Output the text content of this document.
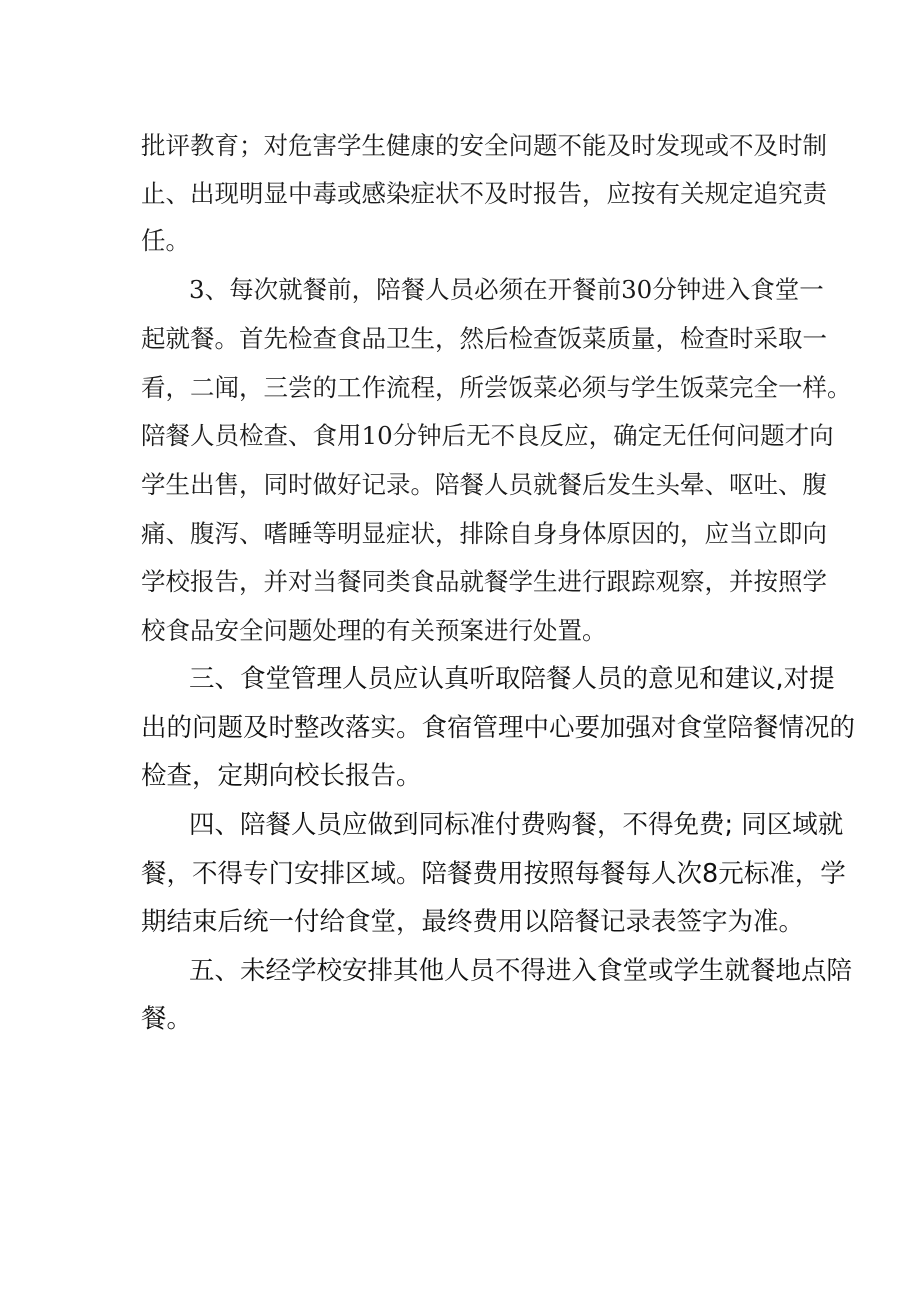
批评教育；对危害学生健康的安全问题不能及时发现或不及时制
止、出现明显中毒或感染症状不及时报告，应按有关规定追究责
任。
3、每次就餐前，陪餐人员必须在开餐前30分钟进入食堂一
起就餐。首先检查食品卫生，然后检查饭菜质量，检查时采取一
看，二闻，三尝的工作流程，所尝饭菜必须与学生饭菜完全一样。
陪餐人员检查、食用10分钟后无不良反应，确定无任何问题才向
学生出售，同时做好记录。陪餐人员就餐后发生头晕、呕吐、腹
痛、腹泻、嗜睡等明显症状，排除自身身体原因的，应当立即向
学校报告，并对当餐同类食品就餐学生进行跟踪观察，并按照学
校食品安全问题处理的有关预案进行处置。
三、食堂管理人员应认真听取陪餐人员的意见和建议,对提
出的问题及时整改落实。食宿管理中心要加强对食堂陪餐情况的
检查，定期向校长报告。
四、陪餐人员应做到同标准付费购餐，不得免费; 同区域就
餐，不得专门安排区域。陪餐费用按照每餐每人次8元标准，学
期结束后统一付给食堂，最终费用以陪餐记录表签字为准。
五、未经学校安排其他人员不得进入食堂或学生就餐地点陪
餐。
